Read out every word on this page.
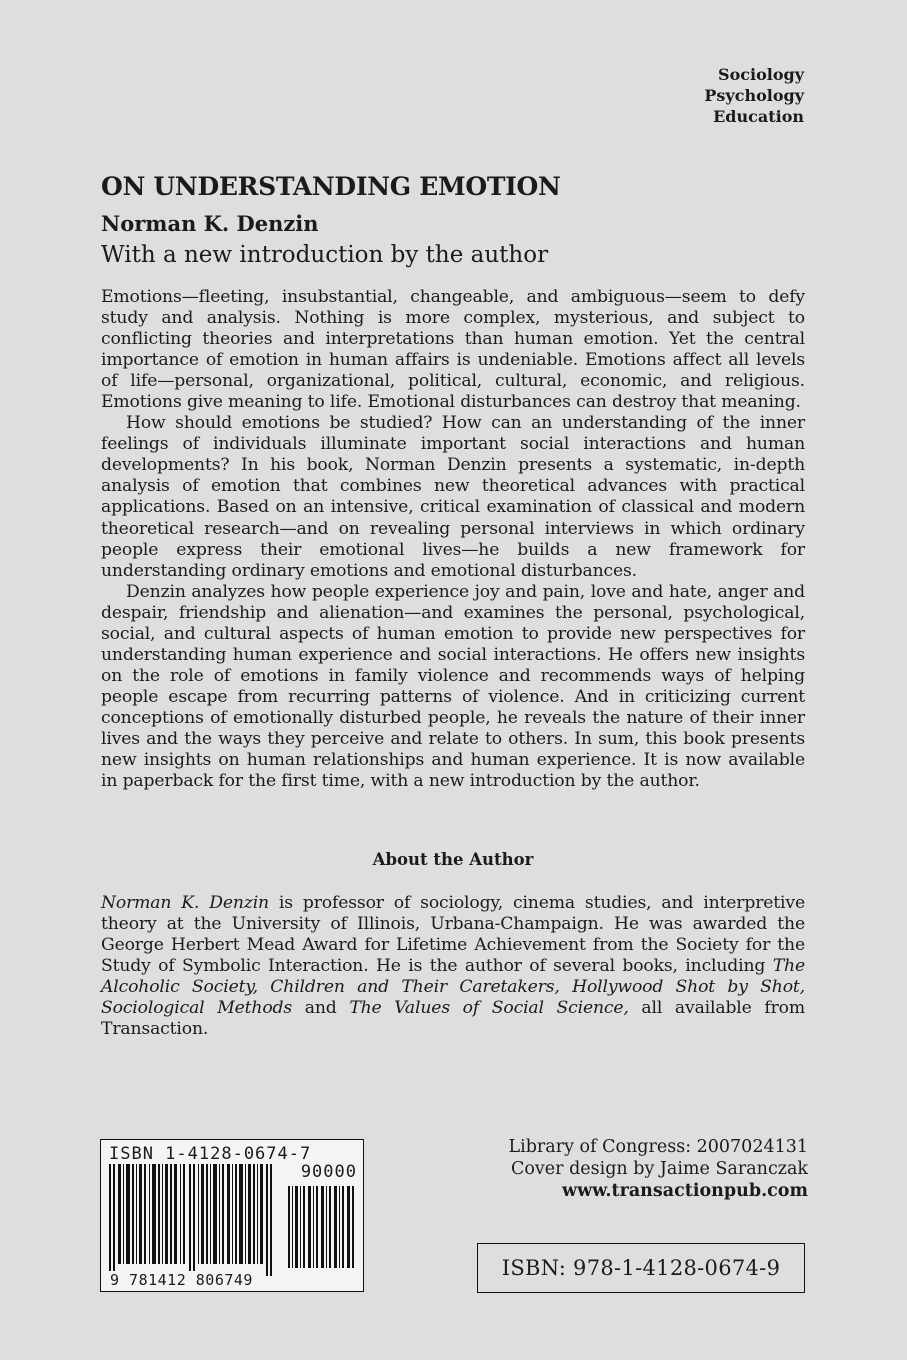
Sociology
Psychology
Education
ON UNDERSTANDING EMOTION
Norman K. Denzin

With a new introduction by the author

Emotions—fleeting, insubstantial, changeable, and ambiguous—seem to defy study and analysis. Nothing is more complex, mysterious, and subject to conflicting theories and interpretations than human emotion. Yet the central importance of emotion in human affairs is undeniable. Emotions affect all levels of life—personal, organizational, political, cultural, economic, and religious. Emotions give meaning to life. Emotional disturbances can destroy that meaning.

How should emotions be studied? How can an understanding of the inner feelings of individuals illuminate important social interactions and human developments? In his book, Norman Denzin presents a systematic, in-depth analysis of emotion that combines new theoretical advances with practical applications. Based on an intensive, critical examination of classical and modern theoretical research—and on revealing personal interviews in which ordinary people express their emotional lives—he builds a new framework for understanding ordinary emotions and emotional disturbances.

Denzin analyzes how people experience joy and pain, love and hate, anger and despair, friendship and alienation—and examines the personal, psychological, social, and cultural aspects of human emotion to provide new perspectives for understanding human experience and social interactions. He offers new insights on the role of emotions in family violence and recommends ways of helping people escape from recurring patterns of violence. And in criticizing current conceptions of emotionally disturbed people, he reveals the nature of their inner lives and the ways they perceive and relate to others. In sum, this book presents new insights on human relationships and human experience. It is now available in paperback for the first time, with a new introduction by the author.

About the Author

Norman K. Denzin is professor of sociology, cinema studies, and interpretive theory at the University of Illinois, Urbana-Champaign. He was awarded the George Herbert Mead Award for Lifetime Achievement from the Society for the Study of Symbolic Interaction. He is the author of several books, including The Alcoholic Society, Children and Their Caretakers, Hollywood Shot by Shot, Sociological Methods and The Values of Social Science, all available from Transaction.

ISBN 1-4128-0674-7
90000
9 781412 806749
Library of Congress: 2007024131
Cover design by Jaime Saranczak
www.transactionpub.com
ISBN: 978-1-4128-0674-9
